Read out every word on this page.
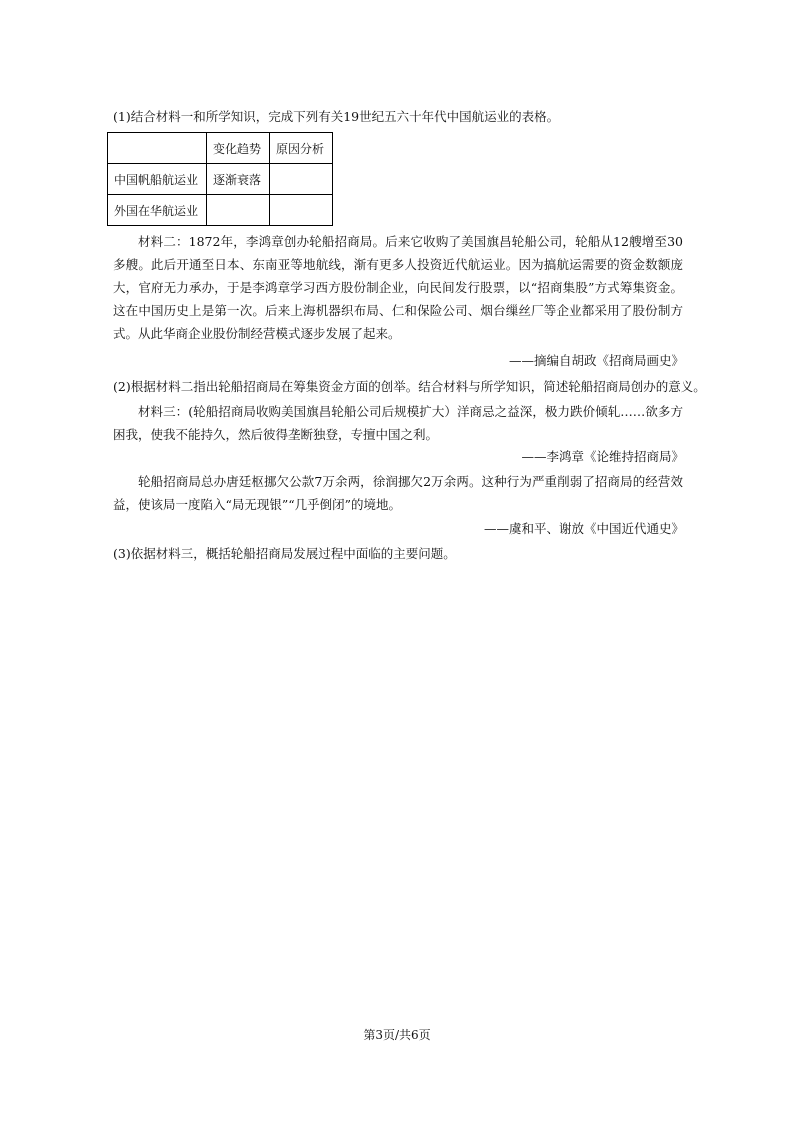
(1)结合材料一和所学知识，完成下列有关19世纪五六十年代中国航运业的表格。
	变化趋势	原因分析
中国帆船航运业	逐渐衰落	
外国在华航运业		
材料二：1872年，李鸿章创办轮船招商局。后来它收购了美国旗昌轮船公司，轮船从12艘增至30多艘。此后开通至日本、东南亚等地航线，渐有更多人投资近代航运业。因为搞航运需要的资金数额庞大，官府无力承办，于是李鸿章学习西方股份制企业，向民间发行股票，以“招商集股”方式筹集资金。这在中国历史上是第一次。后来上海机器织布局、仁和保险公司、烟台缫丝厂等企业都采用了股份制方式。从此华商企业股份制经营模式逐步发展了起来。
——摘编自胡政《招商局画史》
(2)根据材料二指出轮船招商局在筹集资金方面的创举。结合材料与所学知识，简述轮船招商局创办的意义。
材料三：(轮船招商局收购美国旗昌轮船公司后规模扩大）洋商忌之益深，极力跌价倾轧……欲多方困我，使我不能持久，然后彼得垄断独登，专擅中国之利。
——李鸿章《论维持招商局》
轮船招商局总办唐廷枢挪欠公款7万余两，徐润挪欠2万余两。这种行为严重削弱了招商局的经营效益，使该局一度陷入“局无现银”“几乎倒闭”的境地。
——虞和平、谢放《中国近代通史》
(3)依据材料三，概括轮船招商局发展过程中面临的主要问题。
第3页/共6页
